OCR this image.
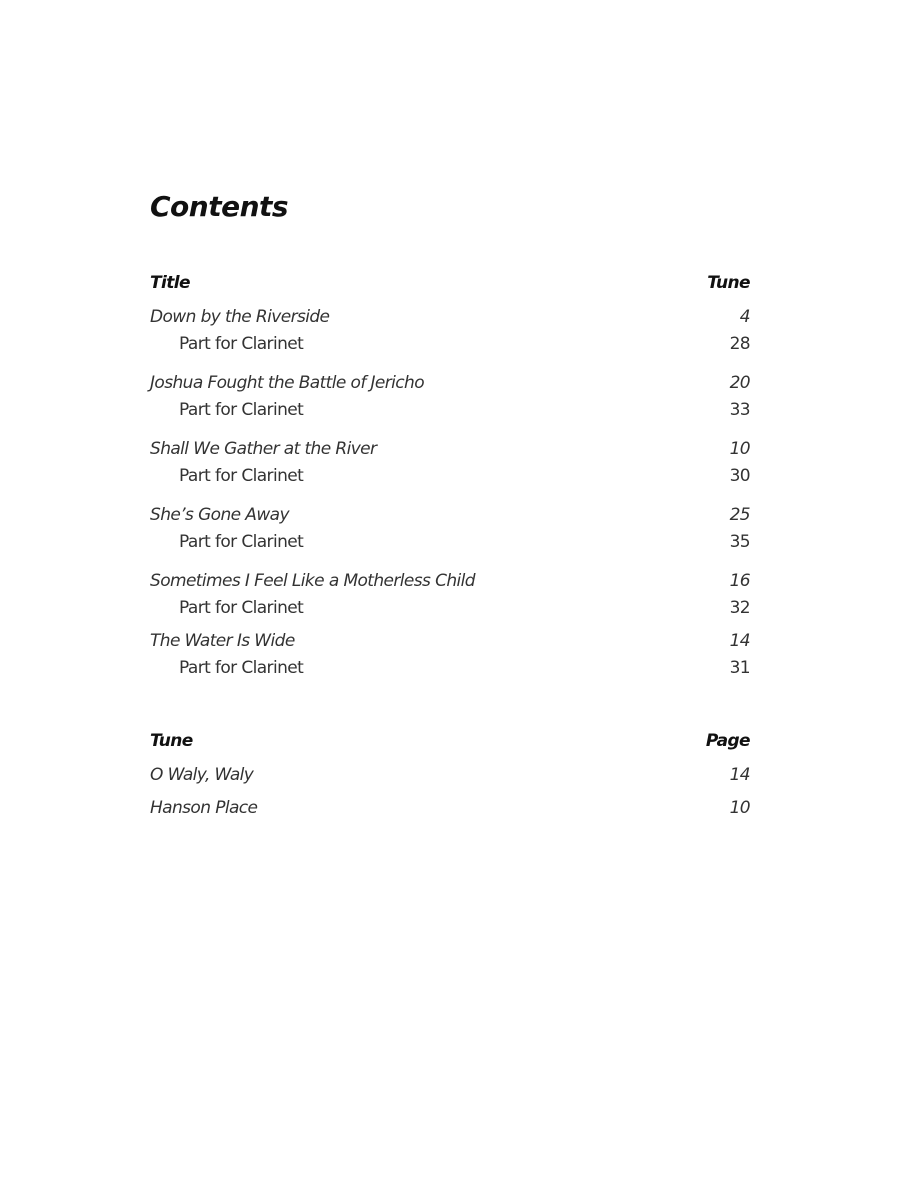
Contents
Title	Tune
Down by the Riverside	4
Part for Clarinet	28
Joshua Fought the Battle of Jericho	20
Part for Clarinet	33
Shall We Gather at the River	10
Part for Clarinet	30
She’s Gone Away	25
Part for Clarinet	35
Sometimes I Feel Like a Motherless Child	16
Part for Clarinet	32
The Water Is Wide	14
Part for Clarinet	31
Tune	Page
O Waly, Waly	14
Hanson Place	10
